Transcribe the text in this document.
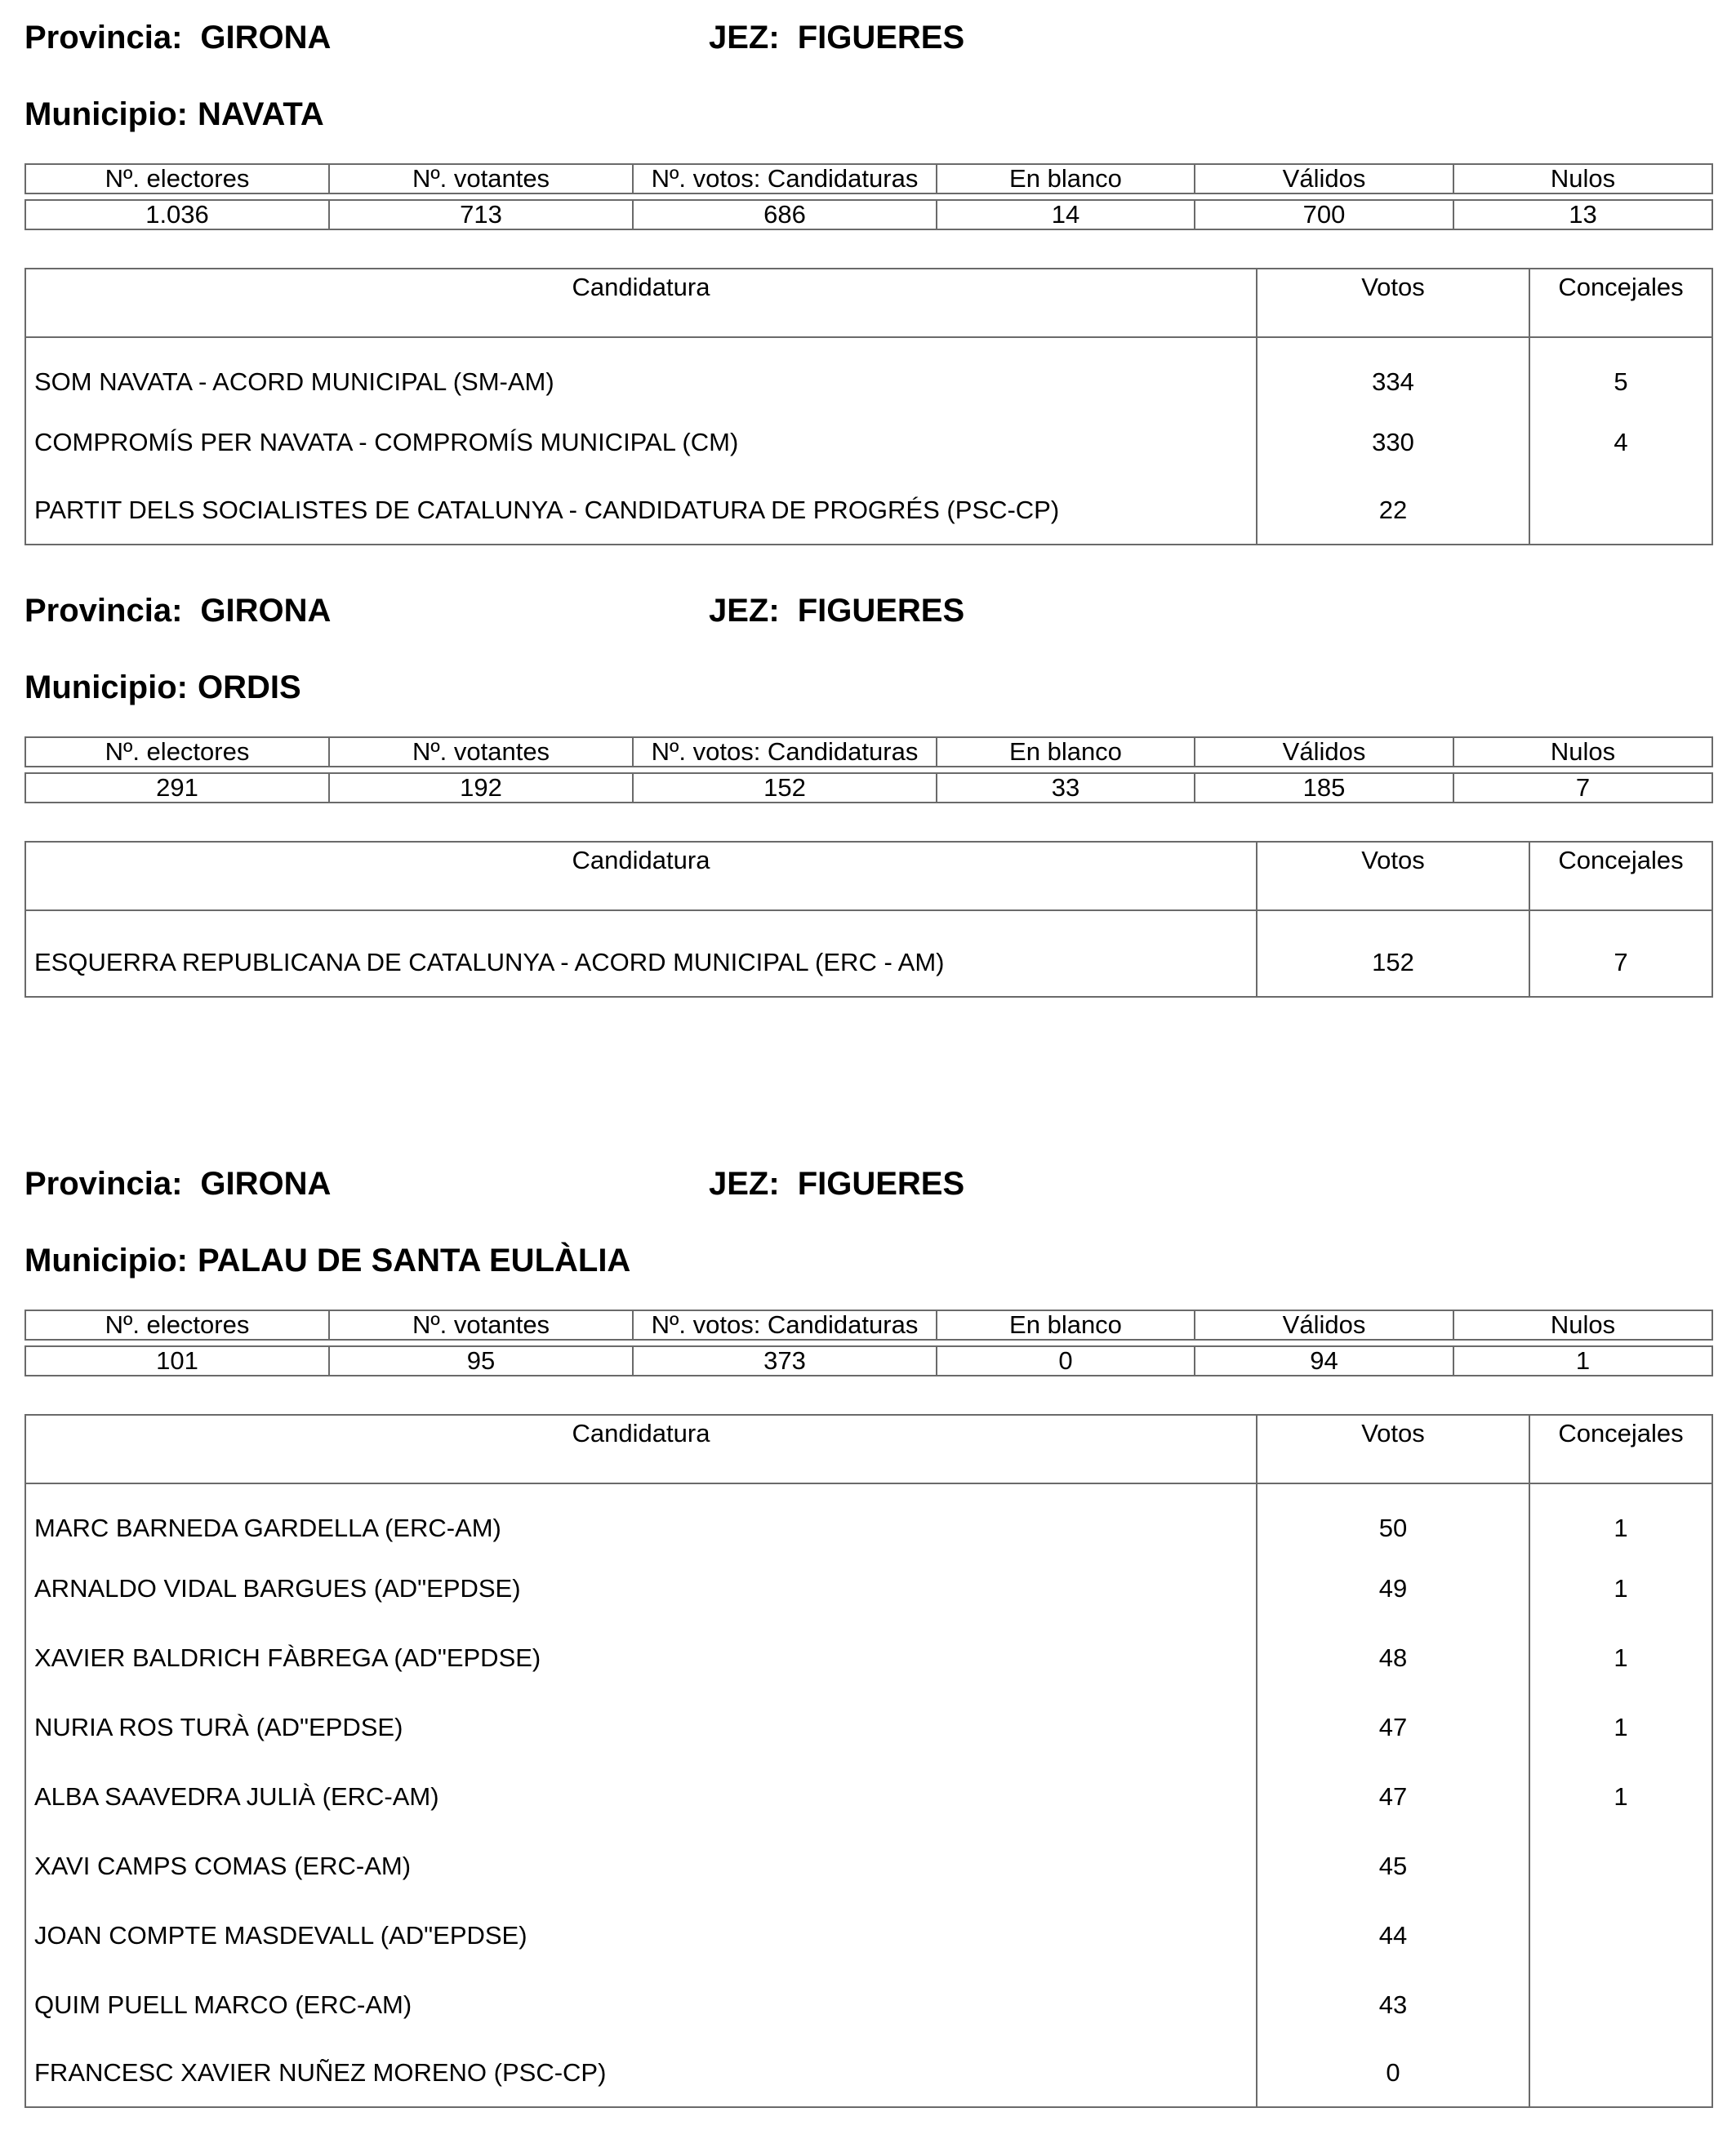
Provincia: GIRONA	JEZ: FIGUERES
Municipio: NAVATA
Nº. electores	Nº. votantes	Nº. votos: Candidaturas	En blanco	Válidos	Nulos

1.036	713	686	14	700	13
Candidatura	Votos	Concejales
SOM NAVATA - ACORD MUNICIPAL (SM-AM)	334	5
COMPROMÍS PER NAVATA - COMPROMÍS MUNICIPAL (CM)	330	4
PARTIT DELS SOCIALISTES DE CATALUNYA - CANDIDATURA DE PROGRÉS (PSC-CP)	22	
Provincia: GIRONA	JEZ: FIGUERES
Municipio: ORDIS
Nº. electores	Nº. votantes	Nº. votos: Candidaturas	En blanco	Válidos	Nulos

291	192	152	33	185	7
Candidatura	Votos	Concejales
ESQUERRA REPUBLICANA DE CATALUNYA - ACORD MUNICIPAL (ERC - AM)	152	7
Provincia: GIRONA	JEZ: FIGUERES
Municipio: PALAU DE SANTA EULÀLIA
Nº. electores	Nº. votantes	Nº. votos: Candidaturas	En blanco	Válidos	Nulos

101	95	373	0	94	1
Candidatura	Votos	Concejales
MARC BARNEDA GARDELLA (ERC-AM)	50	1
ARNALDO VIDAL BARGUES (AD"EPDSE)	49	1
XAVIER BALDRICH FÀBREGA (AD"EPDSE)	48	1
NURIA ROS TURÀ (AD"EPDSE)	47	1
ALBA SAAVEDRA JULIÀ (ERC-AM)	47	1
XAVI CAMPS COMAS (ERC-AM)	45	
JOAN COMPTE MASDEVALL (AD"EPDSE)	44	
QUIM PUELL MARCO (ERC-AM)	43	
FRANCESC XAVIER NUÑEZ MORENO (PSC-CP)	0	
